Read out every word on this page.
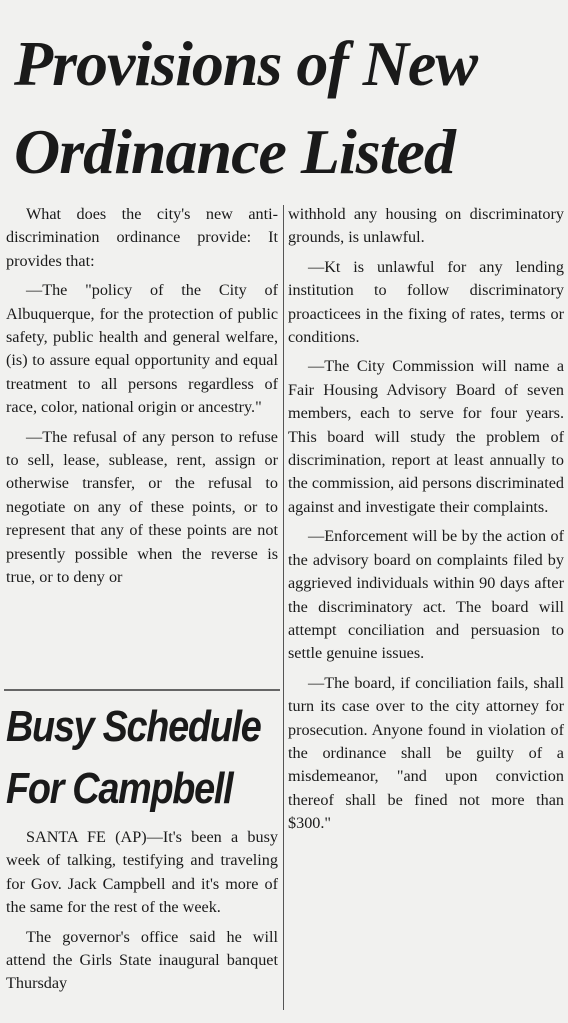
Provisions of New
Ordinance Listed

What does the city's new anti-discrimination ordinance provide: It provides that:

—The "policy of the City of Albuquerque, for the protection of public safety, public health and general welfare, (is) to assure equal opportunity and equal treatment to all persons regardless of race, color, national origin or ancestry."

—The refusal of any person to refuse to sell, lease, sublease, rent, assign or otherwise transfer, or the refusal to negotiate on any of these points, or to represent that any of these points are not presently possible when the reverse is true, or to deny or

withhold any housing on discriminatory grounds, is unlawful.

—Kt is unlawful for any lending institution to follow discriminatory proacticees in the fixing of rates, terms or conditions.

—The City Commission will name a Fair Housing Advisory Board of seven members, each to serve for four years. This board will study the problem of discrimination, report at least annually to the commission, aid persons discriminated against and investigate their complaints.

—Enforcement will be by the action of the advisory board on complaints filed by aggrieved individuals within 90 days after the discriminatory act. The board will attempt conciliation and persuasion to settle genuine issues.

—The board, if conciliation fails, shall turn its case over to the city attorney for prosecution. Anyone found in violation of the ordinance shall be guilty of a misdemeanor, "and upon conviction thereof shall be fined not more than $300."

Busy Schedule
For Campbell

SANTA FE (AP)—It's been a busy week of talking, testifying and traveling for Gov. Jack Campbell and it's more of the same for the rest of the week.

The governor's office said he will attend the Girls State inaugural banquet Thursday
